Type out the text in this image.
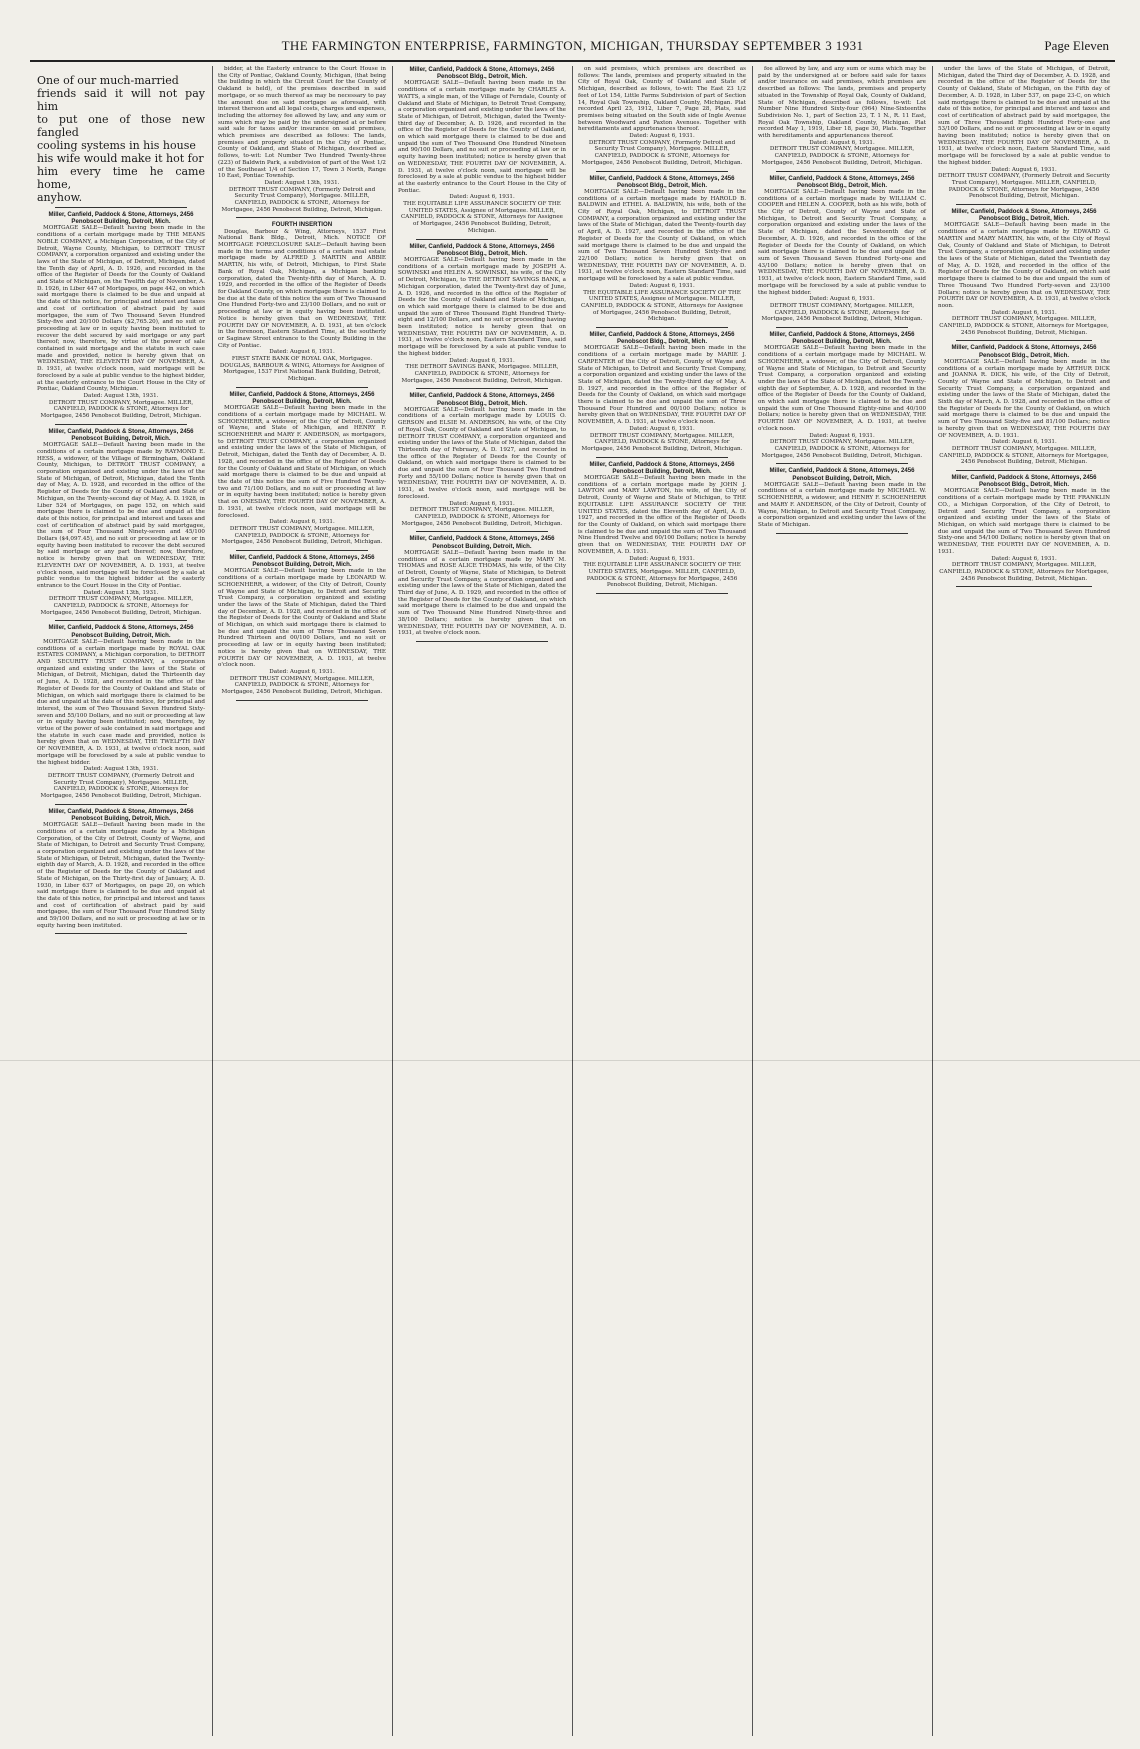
THE FARMINGTON ENTERPRISE, FARMINGTON, MICHIGAN, THURSDAY SEPTEMBER 3 1931	Page Eleven
One of our much-married
friends said it will not pay him
to put one of those new fangled
cooling systems in his house
his wife would make it hot for
him every time he came home,
anyhow.
Miller, Canfield, Paddock & Stone, Attorneys, 2456 Penobscot Building, Detroit, Mich.
MORTGAGE SALE—Default having been made in the conditions of a certain mortgage made by THE MEANS NOBLE COMPANY, a Michigan Corporation, of the City of Detroit, Wayne County, Michigan, to DETROIT TRUST COMPANY, a corporation organized and existing under the laws of the State of Michigan, of Detroit, Michigan, dated the Tenth day of April, A. D. 1926, and recorded in the office of the Register of Deeds for the County of Oakland and State of Michigan, on the Twelfth day of November, A. D. 1926, in Liber 447 of Mortgages, on page 442, on which said mortgage there is claimed to be due and unpaid at the date of this notice, for principal and interest and taxes and cost of certification of abstract paid by said mortgagee, the sum of Two Thousand Seven Hundred Sixty-five and 20/100 Dollars ($2,765.20), and no suit or proceeding at law or in equity having been instituted to recover the debt secured by said mortgage or any part thereof; now, therefore, by virtue of the power of sale contained in said mortgage and the statute in such case made and provided, notice is hereby given that on WEDNESDAY, THE ELEVENTH DAY OF NOVEMBER, A. D. 1931, at twelve o'clock noon, said mortgage will be foreclosed by a sale at public vendue to the highest bidder, at the easterly entrance to the Court House in the City of Pontiac, Oakland County, Michigan.
Dated: August 13th, 1931.
DETROIT TRUST COMPANY, Mortgagee. MILLER, CANFIELD, PADDOCK & STONE, Attorneys for Mortgagee, 2456 Penobscot Building, Detroit, Michigan.
Miller, Canfield, Paddock & Stone, Attorneys, 2456 Penobscot Building, Detroit, Mich.
MORTGAGE SALE—Default having been made in the conditions of a certain mortgage made by RAYMOND E. HESS, a widower, of the Village of Birmingham, Oakland County, Michigan, to DETROIT TRUST COMPANY, a corporation organized and existing under the laws of the State of Michigan, of Detroit, Michigan, dated the Tenth day of May, A. D. 1928, and recorded in the office of the Register of Deeds for the County of Oakland and State of Michigan, on the Twenty-second day of May, A. D. 1928, in Liber 524 of Mortgages, on page 152, on which said mortgage there is claimed to be due and unpaid at the date of this notice, for principal and interest and taxes and cost of certification of abstract paid by said mortgagee, the sum of Four Thousand Ninety-seven and 45/100 Dollars ($4,097.45), and no suit or proceeding at law or in equity having been instituted to recover the debt secured by said mortgage or any part thereof; now, therefore, notice is hereby given that on WEDNESDAY, THE ELEVENTH DAY OF NOVEMBER, A. D. 1931, at twelve o'clock noon, said mortgage will be foreclosed by a sale at public vendue to the highest bidder at the easterly entrance to the Court House in the City of Pontiac.
Dated: August 13th, 1931.
DETROIT TRUST COMPANY, Mortgagee. MILLER, CANFIELD, PADDOCK & STONE, Attorneys for Mortgagee, 2456 Penobscot Building, Detroit, Michigan.
Miller, Canfield, Paddock & Stone, Attorneys, 2456 Penobscot Building, Detroit, Mich.
MORTGAGE SALE—Default having been made in the conditions of a certain mortgage made by ROYAL OAK ESTATES COMPANY, a Michigan corporation, to DETROIT AND SECURITY TRUST COMPANY, a corporation organized and existing under the laws of the State of Michigan, of Detroit, Michigan, dated the Thirteenth day of June, A. D. 1928, and recorded in the office of the Register of Deeds for the County of Oakland and State of Michigan, on which said mortgage there is claimed to be due and unpaid at the date of this notice, for principal and interest, the sum of Two Thousand Seven Hundred Sixty-seven and 55/100 Dollars, and no suit or proceeding at law or in equity having been instituted; now, therefore, by virtue of the power of sale contained in said mortgage and the statute in such case made and provided, notice is hereby given that on WEDNESDAY, THE TWELFTH DAY OF NOVEMBER, A. D. 1931, at twelve o'clock noon, said mortgage will be foreclosed by a sale at public vendue to the highest bidder.
Dated: August 13th, 1931.
DETROIT TRUST COMPANY, (Formerly Detroit and Security Trust Company), Mortgagee. MILLER, CANFIELD, PADDOCK & STONE, Attorneys for Mortgagee, 2456 Penobscot Building, Detroit, Michigan.
Miller, Canfield, Paddock & Stone, Attorneys, 2456 Penobscot Building, Detroit, Mich.
MORTGAGE SALE—Default having been made in the conditions of a certain mortgage made by a Michigan Corporation, of the City of Detroit, County of Wayne, and State of Michigan, to Detroit and Security Trust Company, a corporation organized and existing under the laws of the State of Michigan, of Detroit, Michigan, dated the Twenty-eighth day of March, A. D. 1928, and recorded in the office of the Register of Deeds for the County of Oakland and State of Michigan, on the Thirty-first day of January, A. D. 1930, in Liber 637 of Mortgages, on page 20, on which said mortgage there is claimed to be due and unpaid at the date of this notice, for principal and interest and taxes and cost of certification of abstract paid by said mortgagee, the sum of Four Thousand Four Hundred Sixty and 59/100 Dollars, and no suit or proceeding at law or in equity having been instituted.
bidder, at the Easterly entrance to the Court House in the City of Pontiac, Oakland County, Michigan, (that being the building in which the Circuit Court for the County of Oakland is held), of the premises described in said mortgage, or so much thereof as may be necessary to pay the amount due on said mortgage as aforesaid, with interest thereon and all legal costs, charges and expenses, including the attorney fee allowed by law, and any sum or sums which may be paid by the undersigned at or before said sale for taxes and/or insurance on said premises, which premises are described as follows: The lands, premises and property situated in the City of Pontiac, County of Oakland, and State of Michigan, described as follows, to-wit: Lot Number Two Hundred Twenty-three (223) of Baldwin Park, a subdivision of part of the West 1/2 of the Southeast 1/4 of Section 17, Town 3 North, Range 10 East, Pontiac Township.
Dated: August 13th, 1931.
DETROIT TRUST COMPANY, (Formerly Detroit and Security Trust Company), Mortgagee. MILLER, CANFIELD, PADDOCK & STONE, Attorneys for Mortgagee, 2456 Penobscot Building, Detroit, Michigan.
FOURTH INSERTION
Douglas, Barbour & Wing, Attorneys, 1537 First National Bank Bldg., Detroit, Mich. NOTICE OF MORTGAGE FORECLOSURE SALE—Default having been made in the terms and conditions of a certain real estate mortgage made by ALFRED J. MARTIN and ABBIE MARTIN, his wife, of Detroit, Michigan, to First State Bank of Royal Oak, Michigan, a Michigan banking corporation, dated the Twenty-fifth day of March, A. D. 1929, and recorded in the office of the Register of Deeds for Oakland County, on which mortgage there is claimed to be due at the date of this notice the sum of Two Thousand One Hundred Forty-two and 23/100 Dollars, and no suit or proceeding at law or in equity having been instituted. Notice is hereby given that on WEDNESDAY, THE FOURTH DAY OF NOVEMBER, A. D. 1931, at ten o'clock in the forenoon, Eastern Standard Time, at the southerly or Saginaw Street entrance to the County Building in the City of Pontiac.
Dated: August 6, 1931.
FIRST STATE BANK OF ROYAL OAK, Mortgagee. DOUGLAS, BARBOUR & WING, Attorneys for Assignee of Mortgagee, 1537 First National Bank Building, Detroit, Michigan.
Miller, Canfield, Paddock & Stone, Attorneys, 2456 Penobscot Building, Detroit, Mich.
MORTGAGE SALE—Default having been made in the conditions of a certain mortgage made by MICHAEL W. SCHOENHERR, a widower, of the City of Detroit, County of Wayne, and State of Michigan, and HENRY F. SCHOENHERR and MARY F. ANDERSON, as mortgagors, to DETROIT TRUST COMPANY, a corporation organized and existing under the laws of the State of Michigan, of Detroit, Michigan, dated the Tenth day of December, A. D. 1928, and recorded in the office of the Register of Deeds for the County of Oakland and State of Michigan, on which said mortgage there is claimed to be due and unpaid at the date of this notice the sum of Five Hundred Twenty-two and 71/100 Dollars, and no suit or proceeding at law or in equity having been instituted; notice is hereby given that on ONESDAY, THE FOURTH DAY OF NOVEMBER, A. D. 1931, at twelve o'clock noon, said mortgage will be foreclosed.
Dated: August 6, 1931.
DETROIT TRUST COMPANY, Mortgagee. MILLER, CANFIELD, PADDOCK & STONE, Attorneys for Mortgagee, 2456 Penobscot Building, Detroit, Michigan.
Miller, Canfield, Paddock & Stone, Attorneys, 2456 Penobscot Building, Detroit, Mich.
MORTGAGE SALE—Default having been made in the conditions of a certain mortgage made by LEONARD W. SCHOENHERR, a widower, of the City of Detroit, County of Wayne and State of Michigan, to Detroit and Security Trust Company, a corporation organized and existing under the laws of the State of Michigan, dated the Third day of December, A. D. 1928, and recorded in the office of the Register of Deeds for the County of Oakland and State of Michigan, on which said mortgage there is claimed to be due and unpaid the sum of Three Thousand Seven Hundred Thirteen and 00/100 Dollars, and no suit or proceeding at law or in equity having been instituted; notice is hereby given that on WEDNESDAY, THE FOURTH DAY OF NOVEMBER, A. D. 1931, at twelve o'clock noon.
Dated: August 6, 1931.
DETROIT TRUST COMPANY, Mortgagee. MILLER, CANFIELD, PADDOCK & STONE, Attorneys for Mortgagee, 2456 Penobscot Building, Detroit, Michigan.
Miller, Canfield, Paddock & Stone, Attorneys, 2456 Penobscot Bldg., Detroit, Mich.
MORTGAGE SALE—Default having been made in the conditions of a certain mortgage made by CHARLES A. WATTS, a single man, of the Village of Ferndale, County of Oakland and State of Michigan, to Detroit Trust Company, a corporation organized and existing under the laws of the State of Michigan, of Detroit, Michigan, dated the Twenty-third day of December, A. D. 1926, and recorded in the office of the Register of Deeds for the County of Oakland, on which said mortgage there is claimed to be due and unpaid the sum of Two Thousand One Hundred Nineteen and 90/100 Dollars, and no suit or proceeding at law or in equity having been instituted; notice is hereby given that on WEDNESDAY, THE FOURTH DAY OF NOVEMBER, A. D. 1931, at twelve o'clock noon, said mortgage will be foreclosed by a sale at public vendue to the highest bidder at the easterly entrance to the Court House in the City of Pontiac.
Dated: August 6, 1931.
THE EQUITABLE LIFE ASSURANCE SOCIETY OF THE UNITED STATES, Assignee of Mortgagee. MILLER, CANFIELD, PADDOCK & STONE, Attorneys for Assignee of Mortgagee, 2456 Penobscot Building, Detroit, Michigan.
Miller, Canfield, Paddock & Stone, Attorneys, 2456 Penobscot Bldg., Detroit, Mich.
MORTGAGE SALE—Default having been made in the conditions of a certain mortgage made by JOSEPH A. SOWINSKI and HELEN A. SOWINSKI, his wife, of the City of Detroit, Michigan, to THE DETROIT SAVINGS BANK, a Michigan corporation, dated the Twenty-first day of June, A. D. 1926, and recorded in the office of the Register of Deeds for the County of Oakland and State of Michigan, on which said mortgage there is claimed to be due and unpaid the sum of Three Thousand Eight Hundred Thirty-eight and 12/100 Dollars, and no suit or proceeding having been instituted; notice is hereby given that on WEDNESDAY, THE FOURTH DAY OF NOVEMBER, A. D. 1931, at twelve o'clock noon, Eastern Standard Time, said mortgage will be foreclosed by a sale at public vendue to the highest bidder.
Dated: August 6, 1931.
THE DETROIT SAVINGS BANK, Mortgagee. MILLER, CANFIELD, PADDOCK & STONE, Attorneys for Mortgagee, 2456 Penobscot Building, Detroit, Michigan.
Miller, Canfield, Paddock & Stone, Attorneys, 2456 Penobscot Bldg., Detroit, Mich.
MORTGAGE SALE—Default having been made in the conditions of a certain mortgage made by LOUIS O. GERSON and ELSIE M. ANDERSON, his wife, of the City of Royal Oak, County of Oakland and State of Michigan, to DETROIT TRUST COMPANY, a corporation organized and existing under the laws of the State of Michigan, dated the Thirteenth day of February, A. D. 1927, and recorded in the office of the Register of Deeds for the County of Oakland, on which said mortgage there is claimed to be due and unpaid the sum of Four Thousand Two Hundred Forty and 55/100 Dollars; notice is hereby given that on WEDNESDAY, THE FOURTH DAY OF NOVEMBER, A. D. 1931, at twelve o'clock noon, said mortgage will be foreclosed.
Dated: August 6, 1931.
DETROIT TRUST COMPANY, Mortgagee. MILLER, CANFIELD, PADDOCK & STONE, Attorneys for Mortgagee, 2456 Penobscot Building, Detroit, Michigan.
Miller, Canfield, Paddock & Stone, Attorneys, 2456 Penobscot Building, Detroit, Mich.
MORTGAGE SALE—Default having been made in the conditions of a certain mortgage made by MARY M. THOMAS and ROSE ALICE THOMAS, his wife, of the City of Detroit, County of Wayne, State of Michigan, to Detroit and Security Trust Company, a corporation organized and existing under the laws of the State of Michigan, dated the Third day of June, A. D. 1929, and recorded in the office of the Register of Deeds for the County of Oakland, on which said mortgage there is claimed to be due and unpaid the sum of Two Thousand Nine Hundred Ninety-three and 38/100 Dollars; notice is hereby given that on WEDNESDAY, THE FOURTH DAY OF NOVEMBER, A. D. 1931, at twelve o'clock noon.
on said premises, which premises are described as follows: The lands, premises and property situated in the City of Royal Oak, County of Oakland and State of Michigan, described as follows, to-wit: The East 23 1/2 feet of Lot 154, Little Farms Subdivision of part of Section 14, Royal Oak Township, Oakland County, Michigan. Plat recorded April 23, 1912, Liber 7, Page 28, Plats, said premises being situated on the South side of Ingle Avenue between Woodward and Paxton Avenues. Together with hereditaments and appurtenances thereof.
Dated: August 6, 1931.
DETROIT TRUST COMPANY, (Formerly Detroit and Security Trust Company), Mortgagee. MILLER, CANFIELD, PADDOCK & STONE, Attorneys for Mortgagee, 2456 Penobscot Building, Detroit, Michigan.
Miller, Canfield, Paddock & Stone, Attorneys, 2456 Penobscot Bldg., Detroit, Mich.
MORTGAGE SALE—Default having been made in the conditions of a certain mortgage made by HAROLD B. BALDWIN and ETHEL A. BALDWIN, his wife, both of the City of Royal Oak, Michigan, to DETROIT TRUST COMPANY, a corporation organized and existing under the laws of the State of Michigan, dated the Twenty-fourth day of April, A. D. 1927, and recorded in the office of the Register of Deeds for the County of Oakland, on which said mortgage there is claimed to be due and unpaid the sum of Two Thousand Seven Hundred Sixty-five and 22/100 Dollars; notice is hereby given that on WEDNESDAY, THE FOURTH DAY OF NOVEMBER, A. D. 1931, at twelve o'clock noon, Eastern Standard Time, said mortgage will be foreclosed by a sale at public vendue.
Dated: August 6, 1931.
THE EQUITABLE LIFE ASSURANCE SOCIETY OF THE UNITED STATES, Assignee of Mortgagee. MILLER, CANFIELD, PADDOCK & STONE, Attorneys for Assignee of Mortgagee, 2456 Penobscot Building, Detroit, Michigan.
Miller, Canfield, Paddock & Stone, Attorneys, 2456 Penobscot Bldg., Detroit, Mich.
MORTGAGE SALE—Default having been made in the conditions of a certain mortgage made by MARIE J. CARPENTER of the City of Detroit, County of Wayne and State of Michigan, to Detroit and Security Trust Company, a corporation organized and existing under the laws of the State of Michigan, dated the Twenty-third day of May, A. D. 1927, and recorded in the office of the Register of Deeds for the County of Oakland, on which said mortgage there is claimed to be due and unpaid the sum of Three Thousand Four Hundred and 00/100 Dollars; notice is hereby given that on WEDNESDAY, THE FOURTH DAY OF NOVEMBER, A. D. 1931, at twelve o'clock noon.
Dated: August 6, 1931.
DETROIT TRUST COMPANY, Mortgagee. MILLER, CANFIELD, PADDOCK & STONE, Attorneys for Mortgagee, 2456 Penobscot Building, Detroit, Michigan.
Miller, Canfield, Paddock & Stone, Attorneys, 2456 Penobscot Building, Detroit, Mich.
MORTGAGE SALE—Default having been made in the conditions of a certain mortgage made by JOHN J. LAWTON and MARY LAWTON, his wife, of the City of Detroit, County of Wayne and State of Michigan, to THE EQUITABLE LIFE ASSURANCE SOCIETY OF THE UNITED STATES, dated the Eleventh day of April, A. D. 1927, and recorded in the office of the Register of Deeds for the County of Oakland, on which said mortgage there is claimed to be due and unpaid the sum of Two Thousand Nine Hundred Twelve and 60/100 Dollars; notice is hereby given that on WEDNESDAY, THE FOURTH DAY OF NOVEMBER, A. D. 1931.
Dated: August 6, 1931.
THE EQUITABLE LIFE ASSURANCE SOCIETY OF THE UNITED STATES, Mortgagee. MILLER, CANFIELD, PADDOCK & STONE, Attorneys for Mortgagee, 2456 Penobscot Building, Detroit, Michigan.
fee allowed by law, and any sum or sums which may be paid by the undersigned at or before said sale for taxes and/or insurance on said premises, which premises are described as follows: The lands, premises and property situated in the Township of Royal Oak, County of Oakland, State of Michigan, described as follows, to-wit: Lot Number Nine Hundred Sixty-four (964) Nine-Sixteenths Subdivision No. 1, part of Section 23, T. 1 N., R. 11 East, Royal Oak Township, Oakland County, Michigan. Plat recorded May 1, 1919, Liber 18, page 30, Plats. Together with hereditaments and appurtenances thereof.
Dated: August 6, 1931.
DETROIT TRUST COMPANY, Mortgagee. MILLER, CANFIELD, PADDOCK & STONE, Attorneys for Mortgagee, 2456 Penobscot Building, Detroit, Michigan.
Miller, Canfield, Paddock & Stone, Attorneys, 2456 Penobscot Bldg., Detroit, Mich.
MORTGAGE SALE—Default having been made in the conditions of a certain mortgage made by WILLIAM C. COOPER and HELEN A. COOPER, both as his wife, both of the City of Detroit, County of Wayne and State of Michigan, to Detroit and Security Trust Company, a corporation organized and existing under the laws of the State of Michigan, dated the Seventeenth day of December, A. D. 1926, and recorded in the office of the Register of Deeds for the County of Oakland, on which said mortgage there is claimed to be due and unpaid the sum of Seven Thousand Seven Hundred Forty-one and 43/100 Dollars; notice is hereby given that on WEDNESDAY, THE FOURTH DAY OF NOVEMBER, A. D. 1931, at twelve o'clock noon, Eastern Standard Time, said mortgage will be foreclosed by a sale at public vendue to the highest bidder.
Dated: August 6, 1931.
DETROIT TRUST COMPANY, Mortgagee. MILLER, CANFIELD, PADDOCK & STONE, Attorneys for Mortgagee, 2456 Penobscot Building, Detroit, Michigan.
Miller, Canfield, Paddock & Stone, Attorneys, 2456 Penobscot Building, Detroit, Mich.
MORTGAGE SALE—Default having been made in the conditions of a certain mortgage made by MICHAEL W. SCHOENHERR, a widower, of the City of Detroit, County of Wayne and State of Michigan, to Detroit and Security Trust Company, a corporation organized and existing under the laws of the State of Michigan, dated the Twenty-eighth day of September, A. D. 1928, and recorded in the office of the Register of Deeds for the County of Oakland, on which said mortgage there is claimed to be due and unpaid the sum of One Thousand Eighty-nine and 40/100 Dollars; notice is hereby given that on WEDNESDAY, THE FOURTH DAY OF NOVEMBER, A. D. 1931, at twelve o'clock noon.
Dated: August 6, 1931.
DETROIT TRUST COMPANY, Mortgagee. MILLER, CANFIELD, PADDOCK & STONE, Attorneys for Mortgagee, 2456 Penobscot Building, Detroit, Michigan.
Miller, Canfield, Paddock & Stone, Attorneys, 2456 Penobscot Building, Detroit, Mich.
MORTGAGE SALE—Default having been made in the conditions of a certain mortgage made by MICHAEL W. SCHOENHERR, a widower, and HENRY F. SCHOENHERR and MARY F. ANDERSON, of the City of Detroit, County of Wayne, Michigan, to Detroit and Security Trust Company, a corporation organized and existing under the laws of the State of Michigan.
under the laws of the State of Michigan, of Detroit, Michigan, dated the Third day of December, A. D. 1928, and recorded in the office of the Register of Deeds for the County of Oakland, State of Michigan, on the Fifth day of December, A. D. 1928, in Liber 537, on page 23-C, on which said mortgage there is claimed to be due and unpaid at the date of this notice, for principal and interest and taxes and cost of certification of abstract paid by said mortgagee, the sum of Three Thousand Eight Hundred Forty-one and 53/100 Dollars, and no suit or proceeding at law or in equity having been instituted; notice is hereby given that on WEDNESDAY, THE FOURTH DAY OF NOVEMBER, A. D. 1931, at twelve o'clock noon, Eastern Standard Time, said mortgage will be foreclosed by a sale at public vendue to the highest bidder.
Dated: August 6, 1931.
DETROIT TRUST COMPANY, (Formerly Detroit and Security Trust Company), Mortgagee. MILLER, CANFIELD, PADDOCK & STONE, Attorneys for Mortgagee, 2456 Penobscot Building, Detroit, Michigan.
Miller, Canfield, Paddock & Stone, Attorneys, 2456 Penobscot Bldg., Detroit, Mich.
MORTGAGE SALE—Default having been made in the conditions of a certain mortgage made by EDWARD G. MARTIN and MARY MARTIN, his wife, of the City of Royal Oak, County of Oakland and State of Michigan, to Detroit Trust Company, a corporation organized and existing under the laws of the State of Michigan, dated the Twentieth day of May, A. D. 1928, and recorded in the office of the Register of Deeds for the County of Oakland, on which said mortgage there is claimed to be due and unpaid the sum of Three Thousand Two Hundred Forty-seven and 23/100 Dollars; notice is hereby given that on WEDNESDAY, THE FOURTH DAY OF NOVEMBER, A. D. 1931, at twelve o'clock noon.
Dated: August 6, 1931.
DETROIT TRUST COMPANY, Mortgagee. MILLER, CANFIELD, PADDOCK & STONE, Attorneys for Mortgagee, 2456 Penobscot Building, Detroit, Michigan.
Miller, Canfield, Paddock & Stone, Attorneys, 2456 Penobscot Bldg., Detroit, Mich.
MORTGAGE SALE—Default having been made in the conditions of a certain mortgage made by ARTHUR DICK and JOANNA R. DICK, his wife, of the City of Detroit, County of Wayne and State of Michigan, to Detroit and Security Trust Company, a corporation organized and existing under the laws of the State of Michigan, dated the Sixth day of March, A. D. 1928, and recorded in the office of the Register of Deeds for the County of Oakland, on which said mortgage there is claimed to be due and unpaid the sum of Two Thousand Sixty-five and 81/100 Dollars; notice is hereby given that on WEDNESDAY, THE FOURTH DAY OF NOVEMBER, A. D. 1931.
Dated: August 6, 1931.
DETROIT TRUST COMPANY, Mortgagee. MILLER, CANFIELD, PADDOCK & STONE, Attorneys for Mortgagee, 2456 Penobscot Building, Detroit, Michigan.
Miller, Canfield, Paddock & Stone, Attorneys, 2456 Penobscot Bldg., Detroit, Mich.
MORTGAGE SALE—Default having been made in the conditions of a certain mortgage made by THE FRANKLIN CO., a Michigan Corporation, of the City of Detroit, to Detroit and Security Trust Company, a corporation organized and existing under the laws of the State of Michigan, on which said mortgage there is claimed to be due and unpaid the sum of Two Thousand Seven Hundred Sixty-one and 54/100 Dollars; notice is hereby given that on WEDNESDAY, THE FOURTH DAY OF NOVEMBER, A. D. 1931.
Dated: August 6, 1931.
DETROIT TRUST COMPANY, Mortgagee. MILLER, CANFIELD, PADDOCK & STONE, Attorneys for Mortgagee, 2456 Penobscot Building, Detroit, Michigan.
